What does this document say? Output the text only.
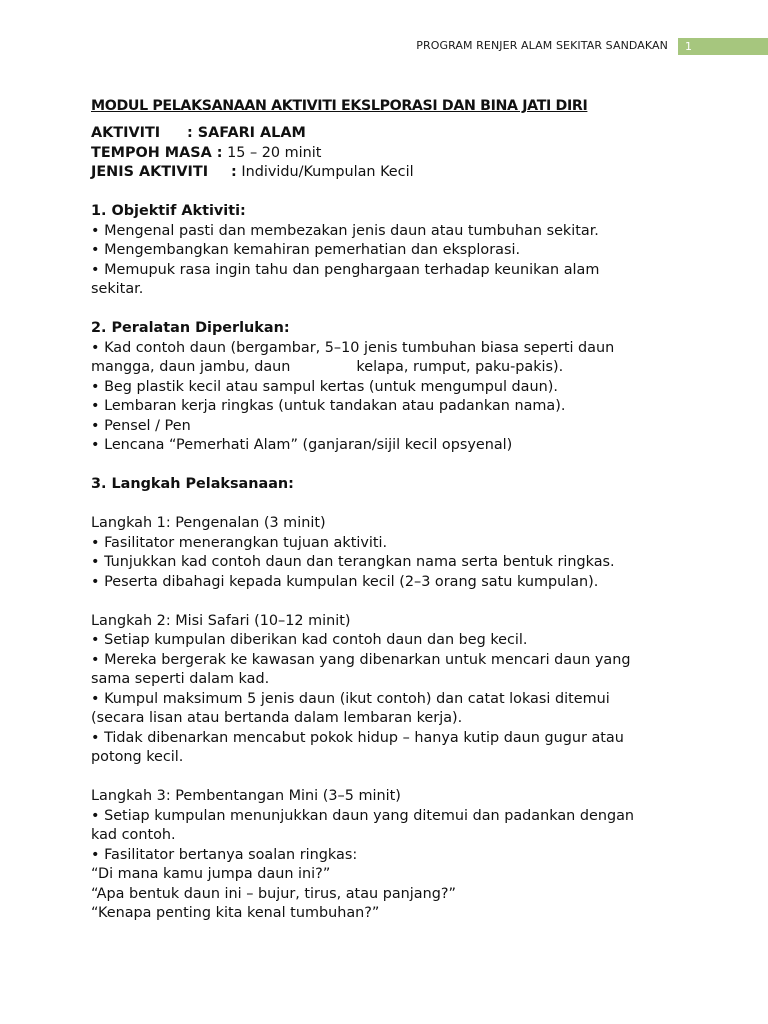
PROGRAM RENJER ALAM SEKITAR SANDAKAN	1
MODUL PELAKSANAAN AKTIVITI EKSLPORASI DAN BINA JATI DIRI
AKTIVITI : SAFARI ALAM
TEMPOH MASA : 15 – 20 minit
JENIS AKTIVITI : Individu/Kumpulan Kecil
1. Objektif Aktiviti:
• Mengenal pasti dan membezakan jenis daun atau tumbuhan sekitar.
• Mengembangkan kemahiran pemerhatian dan eksplorasi.
• Memupuk rasa ingin tahu dan penghargaan terhadap keunikan alam
sekitar.
2. Peralatan Diperlukan:
• Kad contoh daun (bergambar, 5–10 jenis tumbuhan biasa seperti daun
mangga, daun jambu, daun	kelapa, rumput, paku-pakis).
• Beg plastik kecil atau sampul kertas (untuk mengumpul daun).
• Lembaran kerja ringkas (untuk tandakan atau padankan nama).
• Pensel / Pen
• Lencana “Pemerhati Alam” (ganjaran/sijil kecil opsyenal)
3. Langkah Pelaksanaan:
Langkah 1: Pengenalan (3 minit)
• Fasilitator menerangkan tujuan aktiviti.
• Tunjukkan kad contoh daun dan terangkan nama serta bentuk ringkas.
• Peserta dibahagi kepada kumpulan kecil (2–3 orang satu kumpulan).
Langkah 2: Misi Safari (10–12 minit)
• Setiap kumpulan diberikan kad contoh daun dan beg kecil.
• Mereka bergerak ke kawasan yang dibenarkan untuk mencari daun yang
sama seperti dalam kad.
• Kumpul maksimum 5 jenis daun (ikut contoh) dan catat lokasi ditemui
(secara lisan atau bertanda dalam lembaran kerja).
• Tidak dibenarkan mencabut pokok hidup – hanya kutip daun gugur atau
potong kecil.
Langkah 3: Pembentangan Mini (3–5 minit)
• Setiap kumpulan menunjukkan daun yang ditemui dan padankan dengan
kad contoh.
• Fasilitator bertanya soalan ringkas:
“Di mana kamu jumpa daun ini?”
“Apa bentuk daun ini – bujur, tirus, atau panjang?”
“Kenapa penting kita kenal tumbuhan?”
